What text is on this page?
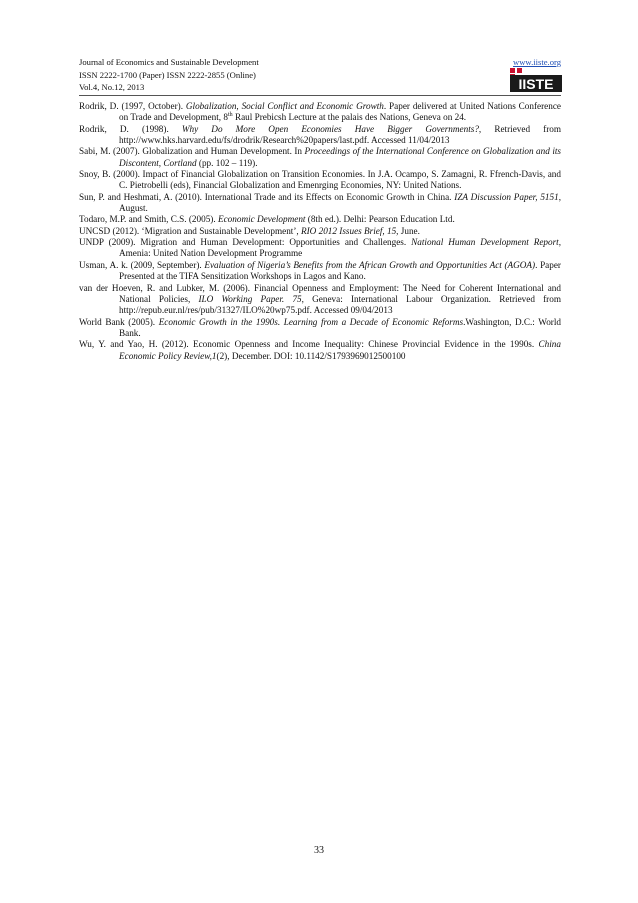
Journal of Economics and Sustainable Development
ISSN 2222-1700 (Paper) ISSN 2222-2855 (Online)
Vol.4, No.12, 2013
www.iiste.org
IISTE

Rodrik, D. (1997, October). Globalization, Social Conflict and Economic Growth. Paper delivered at United Nations Conference on Trade and Development, 8th Raul Prebicsh Lecture at the palais des Nations, Geneva on 24.

Rodrik, D. (1998). Why Do More Open Economies Have Bigger Governments?, Retrieved from http://www.hks.harvard.edu/fs/drodrik/Research%20papers/last.pdf. Accessed 11/04/2013

Sabi, M. (2007). Globalization and Human Development. In Proceedings of the International Conference on Globalization and its Discontent, Cortland (pp. 102 – 119).

Snoy, B. (2000). Impact of Financial Globalization on Transition Economies. In J.A. Ocampo, S. Zamagni, R. Ffrench-Davis, and C. Pietrobelli (eds), Financial Globalization and Emenrging Economies, NY: United Nations.

Sun, P. and Heshmati, A. (2010). International Trade and its Effects on Economic Growth in China. IZA Discussion Paper, 5151, August.

Todaro, M.P. and Smith, C.S. (2005). Economic Development (8th ed.). Delhi: Pearson Education Ltd.

UNCSD (2012). ‘Migration and Sustainable Development’, RIO 2012 Issues Brief, 15, June.

UNDP (2009). Migration and Human Development: Opportunities and Challenges. National Human Development Report, Amenia: United Nation Development Programme

Usman, A. k. (2009, September). Evaluation of Nigeria’s Benefits from the African Growth and Opportunities Act (AGOA). Paper Presented at the TIFA Sensitization Workshops in Lagos and Kano.

van der Hoeven, R. and Lubker, M. (2006). Financial Openness and Employment: The Need for Coherent International and National Policies, ILO Working Paper. 75, Geneva: International Labour Organization. Retrieved from http://repub.eur.nl/res/pub/31327/ILO%20wp75.pdf. Accessed 09/04/2013

World Bank (2005). Economic Growth in the 1990s. Learning from a Decade of Economic Reforms.Washington, D.C.: World Bank.

Wu, Y. and Yao, H. (2012). Economic Openness and Income Inequality: Chinese Provincial Evidence in the 1990s. China Economic Policy Review,1(2), December. DOI: 10.1142/S1793969012500100

33
